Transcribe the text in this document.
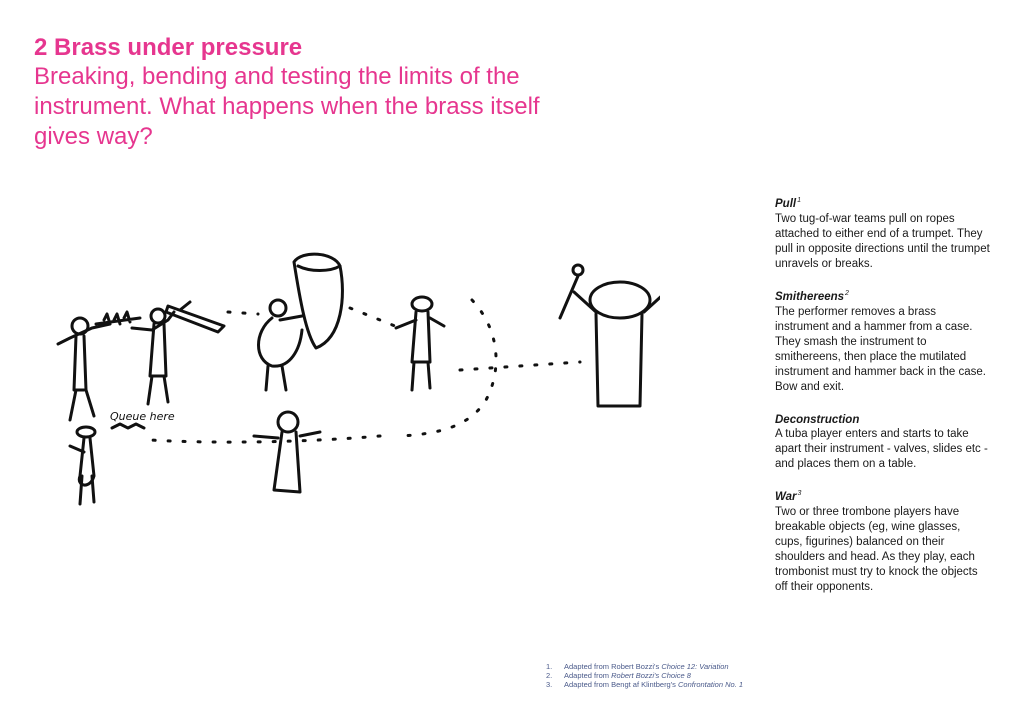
2 Brass under pressure

Breaking, bending and testing the limits of the instrument. What happens when the brass itself gives way?

Queue here

Pull$^1$

Two tug-of-war teams pull on ropes attached to either end of a trumpet. They pull in opposite directions until the trumpet unravels or breaks.

Smithereens$^2$

The performer removes a brass instrument and a hammer from a case. They smash the instrument to smithereens, then place the mutilated instrument and hammer back in the case. Bow and exit.

Deconstruction

A tuba player enters and starts to take apart their instrument - valves, slides etc - and places them on a table.

War$^3$

Two or three trombone players have breakable objects (eg, wine glasses, cups, figurines) balanced on their shoulders and head. As they play, each trombonist must try to knock the objects off their opponents.

1.	Adapted from Robert Bozzi's Choice 12: Variation
2.	Adapted from Robert Bozzi's Choice 8
3.	Adapted from Bengt af Klintberg's Confrontation No. 1
